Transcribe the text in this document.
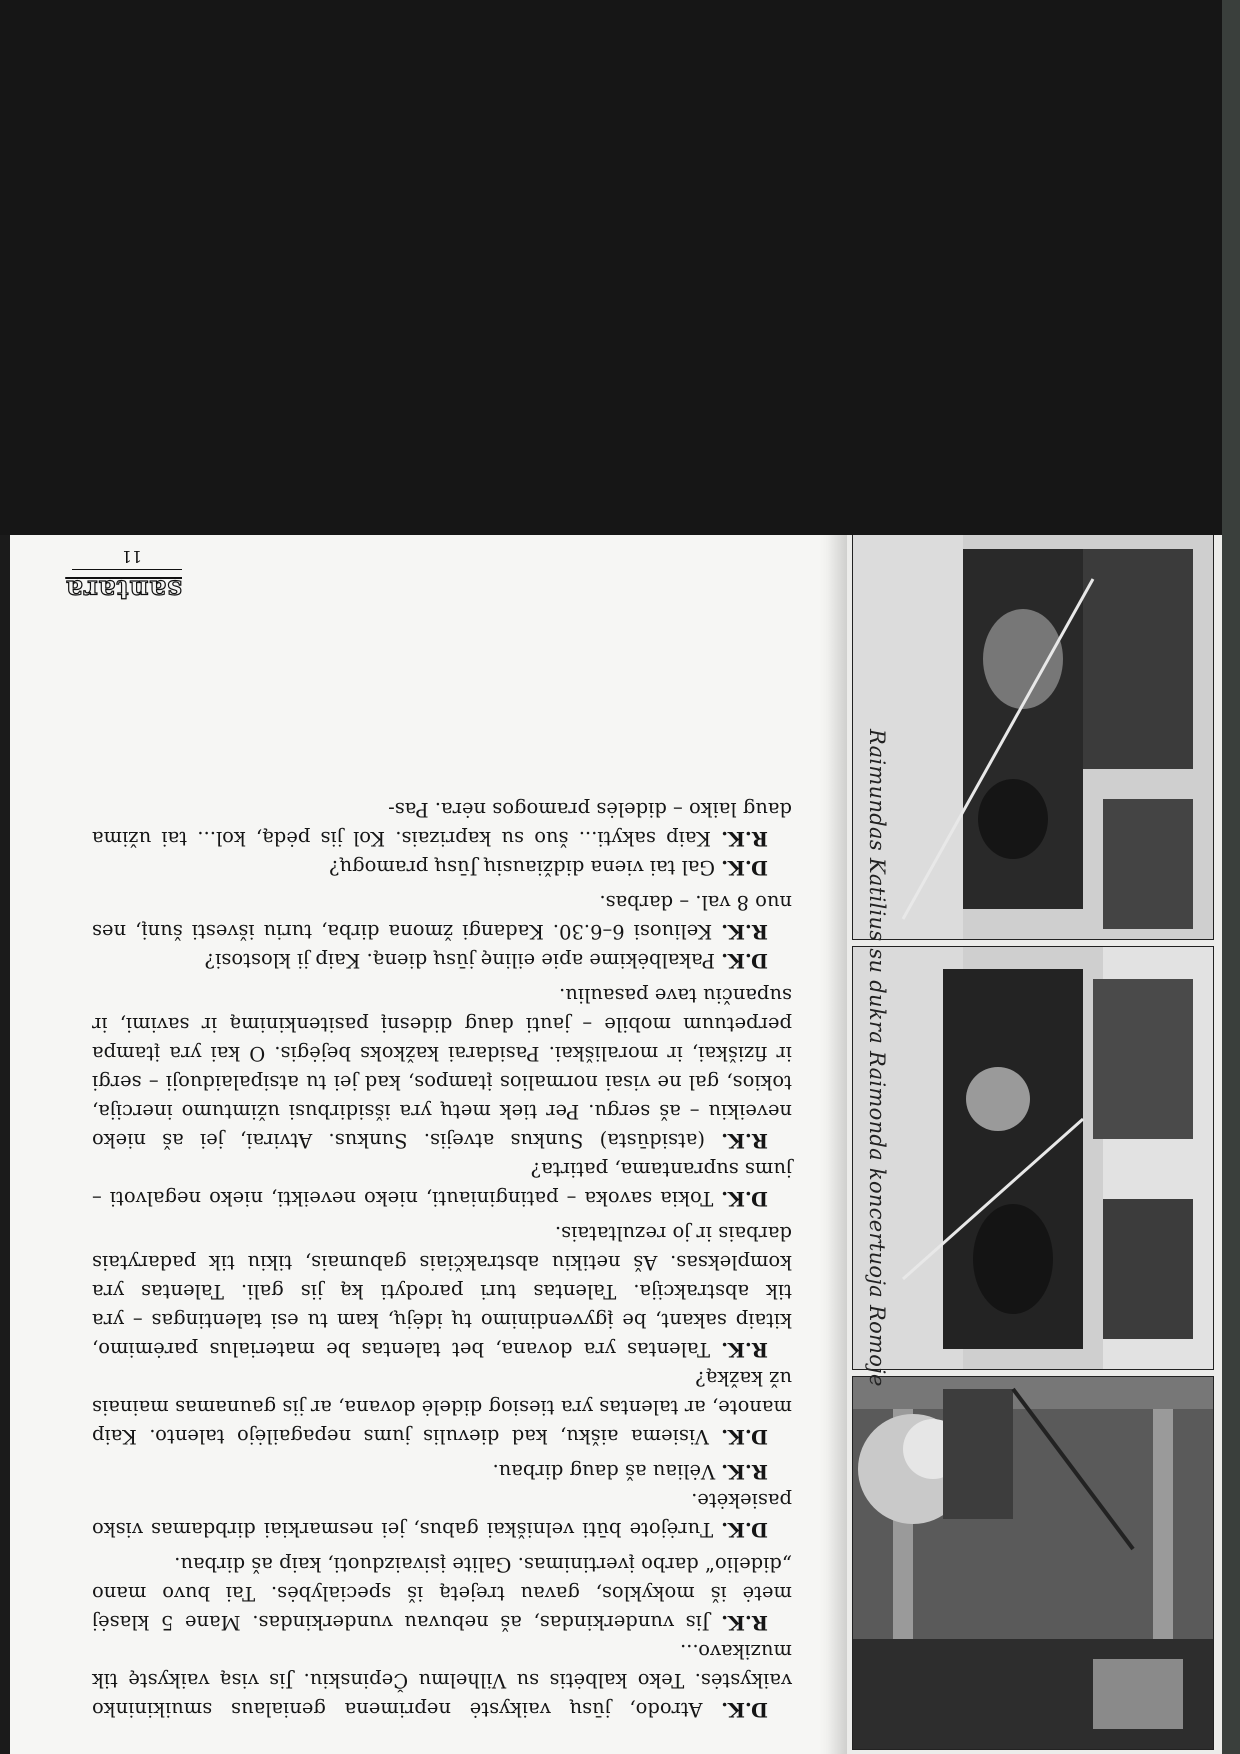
Raimundas Katilius su dukra Raimonda koncertuoja Romoje

D.K. Atrodo, jūsų vaikystė neprimena genialaus smuikininko vaikystės. Teko kalbėtis su Vilhelmu Čepinskiu. Jis visą vaikystę tik muzikavo...

R.K. Jis vunderkindas, aš nebuvau vunderkindas. Mane 5 klasėj metė iš mokyklos, gavau trejetą iš specialybės. Tai buvo mano „didelio“ darbo įvertinimas. Galite įsivaizduoti, kaip aš dirbau.

D.K. Turėjote būti velniškai gabus, jei nesmarkiai dirbdamas visko pasiekėte.

R.K. Vėliau aš daug dirbau.

D.K. Visiema aišku, kad dievulis jums nepagailėjo talento. Kaip manote, ar talentas yra tiesiog didelė dovana, ar jis gaunamas mainais už kažką?

R.K. Talentas yra dovana, bet talentas be materialus parėmimo, kitaip sakant, be įgyvendinimo tų idėjų, kam tu esi talentingas – yra tik abstrakcija. Talentas turi parodyti ką jis gali. Talentas yra kompleksas. Aš netikiu abstrakčiais gabumais, tikiu tik padarytais darbais ir jo rezultatais.

D.K. Tokia savoka – patinginiauti, nieko neveikti, nieko negalvoti – jums suprantama, patirta?

R.K. (atsidūsta) Sunkus atvejis. Sunkus. Atvirai, jei aš nieko neveikiu – aš sergu. Per tiek metų yra išsidirbusi užimtumo inercija, tokios, gal ne visai normalios įtampos, kad jei tu atsipalaiduoji – sergi ir fiziškai, ir morališkai. Pasidarai kažkoks bejėgis. O kai yra įtampa perpetuum mobile – jauti daug didesnį pasitenkinimą ir savimi, ir supančiu tave pasauliu.

D.K. Pakalbėkime apie eilinę jūsų dieną. Kaip ji klostosi?

R.K. Keliuosi 6–6.30. Kadangi žmona dirba, turiu išvesti šunį, nes nuo 8 val. – darbas.

D.K. Gal tai viena didžiausių Jūsų pramogų?

R.K. Kaip sakyti... šuo su kaprizais. Kol jis pėdą, kol... tai užima daug laiko – didelės pramogos nėra. Pas-

santara
11
